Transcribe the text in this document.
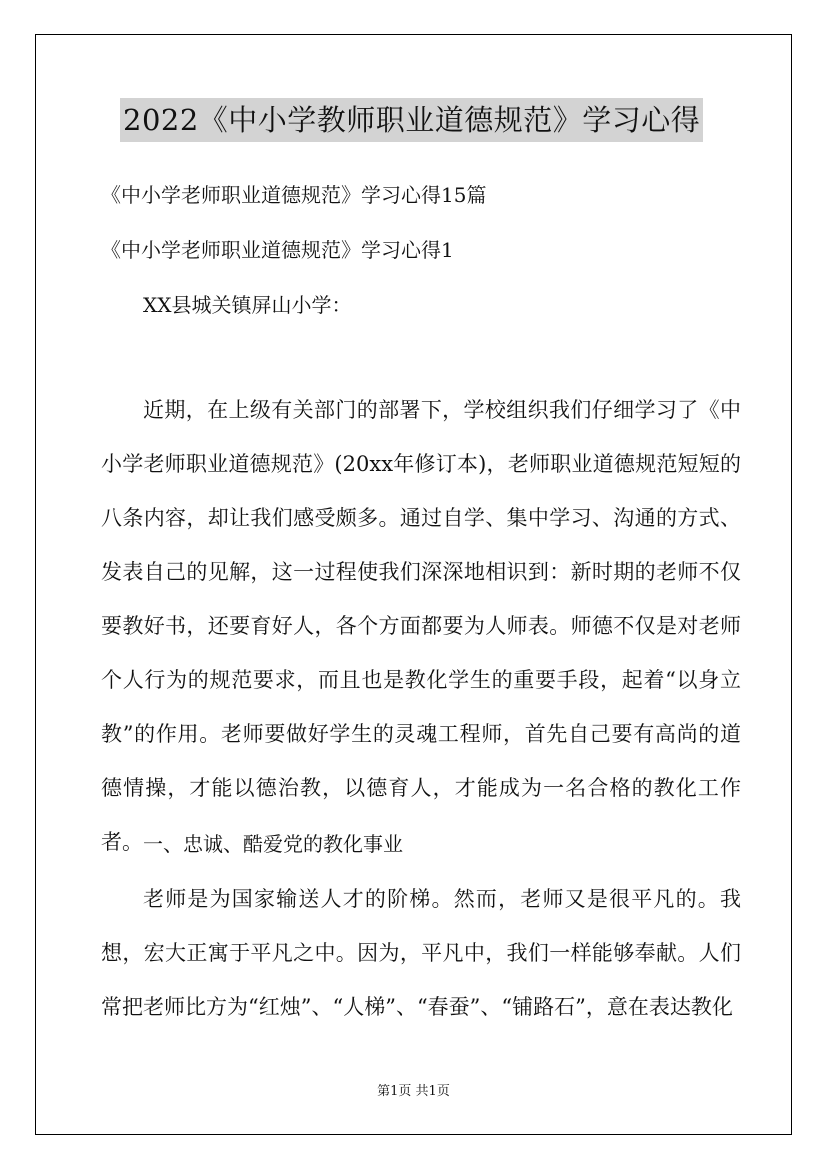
2022《中小学教师职业道德规范》学习心得
《中小学老师职业道德规范》学习心得15篇
《中小学老师职业道德规范》学习心得1
XX县城关镇屏山小学：

近期，在上级有关部门的部署下，学校组织我们仔细学习了《中小学老师职业道德规范》(20xx年修订本)，老师职业道德规范短短的八条内容，却让我们感受颇多。通过自学、集中学习、沟通的方式、发表自己的见解，这一过程使我们深深地相识到：新时期的老师不仅要教好书，还要育好人，各个方面都要为人师表。师德不仅是对老师个人行为的规范要求，而且也是教化学生的重要手段，起着“以身立教”的作用。老师要做好学生的灵魂工程师，首先自己要有高尚的道德情操，才能以德治教，以德育人，才能成为一名合格的教化工作者。 一、忠诚、酷爱党的教化事业

老师是为国家输送人才的阶梯。然而，老师又是很平凡的。我想，宏大正寓于平凡之中。因为，平凡中，我们一样能够奉献。人们常把老师比方为“红烛”、“人梯”、“春蚕”、“铺路石”，意在表达教化

第1页 共1页
